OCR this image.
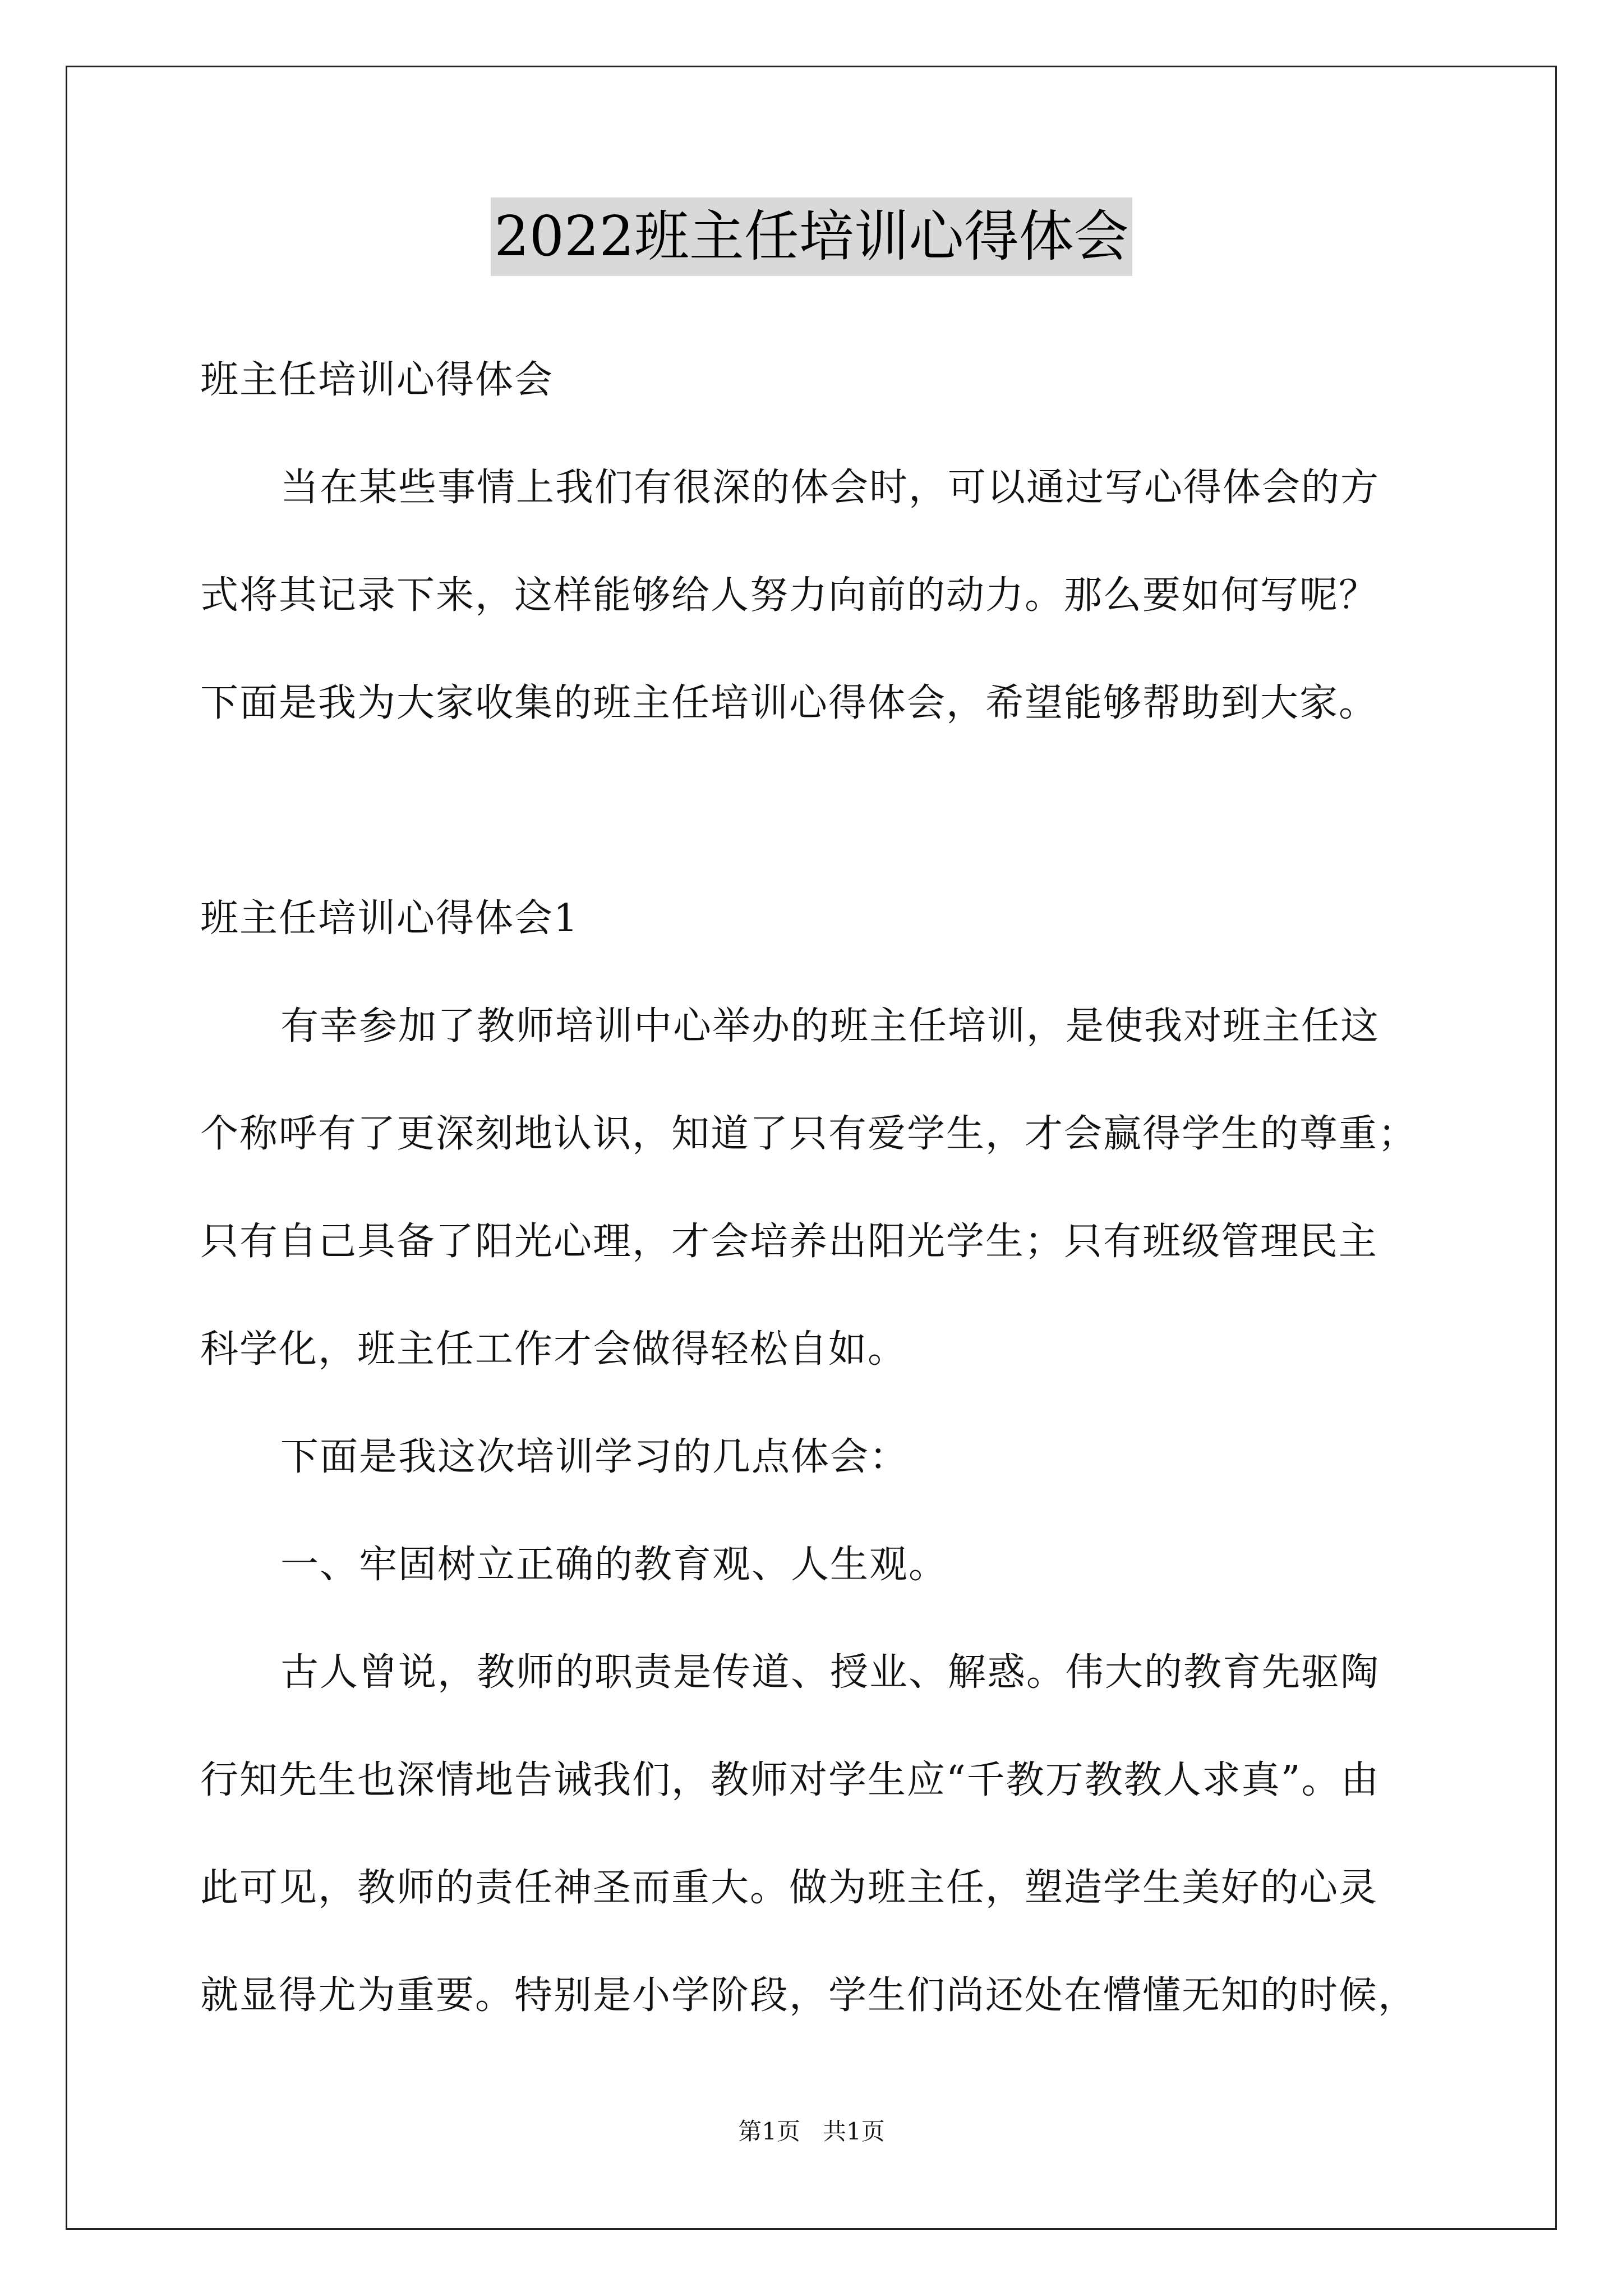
2022班主任培训心得体会
班主任培训心得体会
当在某些事情上我们有很深的体会时，可以通过写心得体会的方
式将其记录下来，这样能够给人努力向前的动力。那么要如何写呢？
下面是我为大家收集的班主任培训心得体会，希望能够帮助到大家。
班主任培训心得体会1
有幸参加了教师培训中心举办的班主任培训，是使我对班主任这
个称呼有了更深刻地认识，知道了只有爱学生，才会赢得学生的尊重；
只有自己具备了阳光心理，才会培养出阳光学生；只有班级管理民主
科学化，班主任工作才会做得轻松自如。
下面是我这次培训学习的几点体会：
一、牢固树立正确的教育观、人生观。
古人曾说，教师的职责是传道、授业、解惑。伟大的教育先驱陶
行知先生也深情地告诫我们，教师对学生应“千教万教教人求真”。由
此可见，教师的责任神圣而重大。做为班主任，塑造学生美好的心灵
就显得尤为重要。特别是小学阶段，学生们尚还处在懵懂无知的时候，
第1页 共1页
